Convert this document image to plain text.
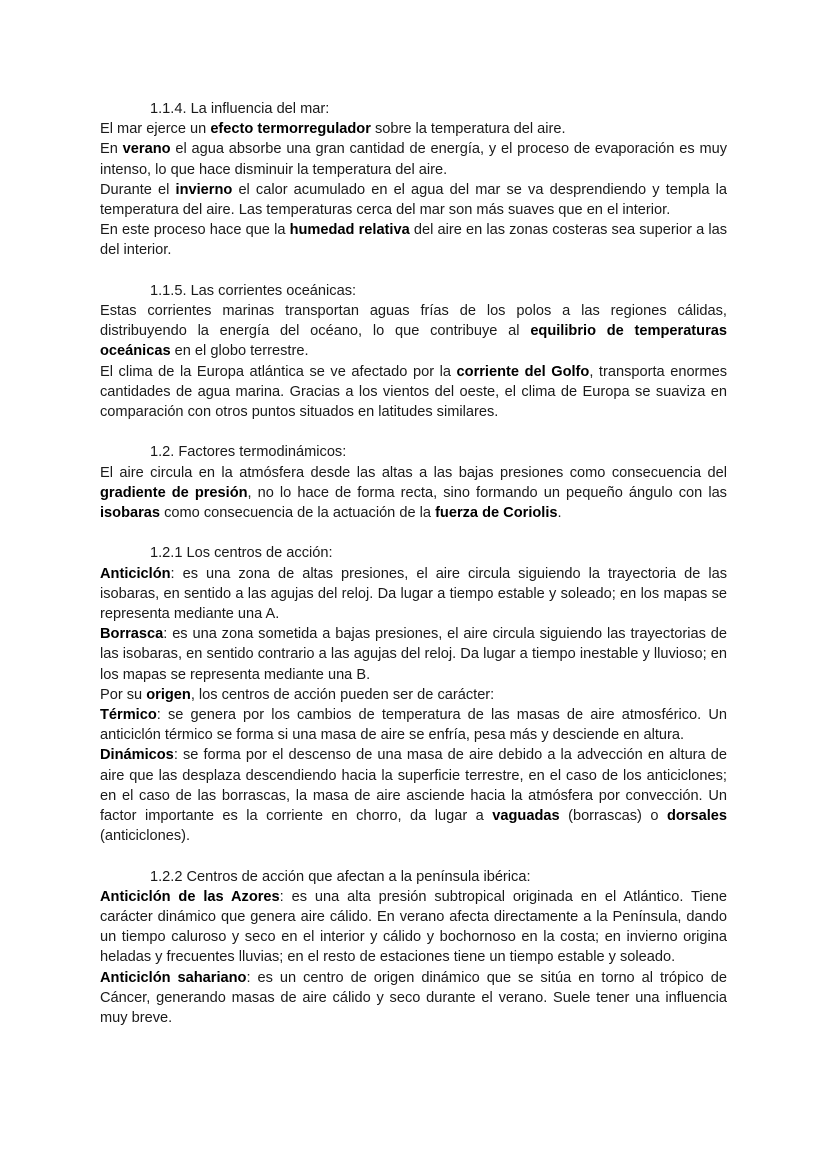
1.1.4. La influencia del mar:

El mar ejerce un efecto termorregulador sobre la temperatura del aire.

En verano el agua absorbe una gran cantidad de energía, y el proceso de evaporación es muy intenso, lo que hace disminuir la temperatura del aire.

Durante el invierno el calor acumulado en el agua del mar se va desprendiendo y templa la temperatura del aire. Las temperaturas cerca del mar son más suaves que en el interior.

En este proceso hace que la humedad relativa del aire en las zonas costeras sea superior a las del interior.

1.1.5. Las corrientes oceánicas:

Estas corrientes marinas transportan aguas frías de los polos a las regiones cálidas, distribuyendo la energía del océano, lo que contribuye al equilibrio de temperaturas oceánicas en el globo terrestre.

El clima de la Europa atlántica se ve afectado por la corriente del Golfo, transporta enormes cantidades de agua marina. Gracias a los vientos del oeste, el clima de Europa se suaviza en comparación con otros puntos situados en latitudes similares.

1.2. Factores termodinámicos:

El aire circula en la atmósfera desde las altas a las bajas presiones como consecuencia del gradiente de presión, no lo hace de forma recta, sino formando un pequeño ángulo con las isobaras como consecuencia de la actuación de la fuerza de Coriolis.

1.2.1 Los centros de acción:

Anticiclón: es una zona de altas presiones, el aire circula siguiendo la trayectoria de las isobaras, en sentido a las agujas del reloj. Da lugar a tiempo estable y soleado; en los mapas se representa mediante una A.

Borrasca: es una zona sometida a bajas presiones, el aire circula siguiendo las trayectorias de las isobaras, en sentido contrario a las agujas del reloj. Da lugar a tiempo inestable y lluvioso; en los mapas se representa mediante una B.

Por su origen, los centros de acción pueden ser de carácter:

Térmico: se genera por los cambios de temperatura de las masas de aire atmosférico. Un anticiclón térmico se forma si una masa de aire se enfría, pesa más y desciende en altura.

Dinámicos: se forma por el descenso de una masa de aire debido a la advección en altura de aire que las desplaza descendiendo hacia la superficie terrestre, en el caso de los anticiclones; en el caso de las borrascas, la masa de aire asciende hacia la atmósfera por convección. Un factor importante es la corriente en chorro, da lugar a vaguadas (borrascas) o dorsales (anticiclones).

1.2.2 Centros de acción que afectan a la península ibérica:

Anticiclón de las Azores: es una alta presión subtropical originada en el Atlántico. Tiene carácter dinámico que genera aire cálido. En verano afecta directamente a la Península, dando un tiempo caluroso y seco en el interior y cálido y bochornoso en la costa; en invierno origina heladas y frecuentes lluvias; en el resto de estaciones tiene un tiempo estable y soleado.

Anticiclón sahariano: es un centro de origen dinámico que se sitúa en torno al trópico de Cáncer, generando masas de aire cálido y seco durante el verano. Suele tener una influencia muy breve.
